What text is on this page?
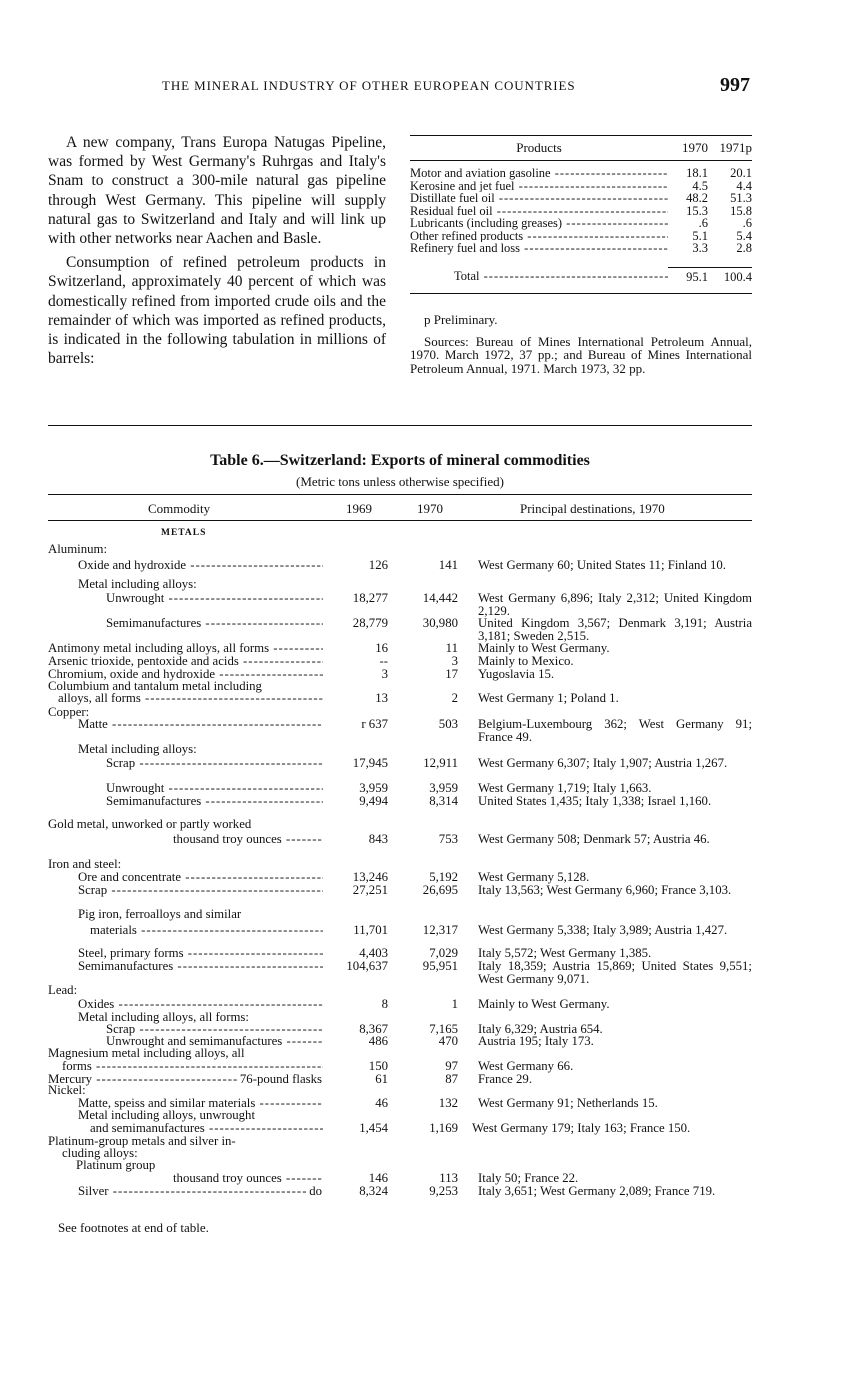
THE MINERAL INDUSTRY OF OTHER EUROPEAN COUNTRIES	997

A new company, Trans Europa Natugas Pipeline, was formed by West Germany's Ruhrgas and Italy's Snam to construct a 300-mile natural gas pipeline through West Germany. This pipeline will supply natural gas to Switzerland and Italy and will link up with other networks near Aachen and Basle.

Consumption of refined petroleum products in Switzerland, approximately 40 percent of which was domestically refined from imported crude oils and the remainder of which was imported as refined products, is indicated in the following tabulation in millions of barrels:

Products	1970 1971p
Motor and aviation gasoline -----	18.1	20.1
Kerosine and jet fuel -----	4.5	4.4
Distillate fuel oil -----	48.2	51.3
Residual fuel oil -----	15.3	15.8
Lubricants (including greases) -----	.6	.6
Other refined products -----	5.1	5.4
Refinery fuel and loss -----	3.3	2.8
Total -----	95.1	100.4

p Preliminary.

Sources: Bureau of Mines International Petroleum Annual, 1970. March 1972, 37 pp.; and Bureau of Mines International Petroleum Annual, 1971. March 1973, 32 pp.

Table 6.—Switzerland: Exports of mineral commodities
(Metric tons unless otherwise specified)
Commodity	1969	1970	Principal destinations, 1970
METALS
Aluminum:
Oxide and hydroxide -----	126	141 West Germany 60; United States 11; Finland 10.
Metal including alloys:
Unwrought -----	18,277	14,442 West Germany 6,896; Italy 2,312; United Kingdom 2,129.
Semimanufactures -----	28,779	30,980 United Kingdom 3,567; Denmark 3,191; Austria 3,181; Sweden 2,515.
Antimony metal including alloys, all forms -----	16	11 Mainly to West Germany.
Arsenic trioxide, pentoxide and acids -----	--	3 Mainly to Mexico.
Chromium, oxide and hydroxide -----	3	17 Yugoslavia 15.
Columbium and tantalum metal including
alloys, all forms -----	13	2 West Germany 1; Poland 1.
Copper:
Matte -----	r 637	503 Belgium-Luxembourg 362; West Germany 91; France 49.
Metal including alloys:
Scrap -----	17,945	12,911 West Germany 6,307; Italy 1,907; Austria 1,267.
Unwrought -----	3,959	3,959 West Germany 1,719; Italy 1,663.
Semimanufactures -----	9,494	8,314 United States 1,435; Italy 1,338; Israel 1,160.
Gold metal, unworked or partly worked
thousand troy ounces -----	843	753 West Germany 508; Denmark 57; Austria 46.
Iron and steel:
Ore and concentrate -----	13,246	5,192 West Germany 5,128.
Scrap -----	27,251	26,695 Italy 13,563; West Germany 6,960; France 3,103.
Pig iron, ferroalloys and similar
materials -----	11,701	12,317 West Germany 5,338; Italy 3,989; Austria 1,427.
Steel, primary forms -----	4,403	7,029 Italy 5,572; West Germany 1,385.
Semimanufactures -----	104,637	95,951 Italy 18,359; Austria 15,869; United States 9,551; West Germany 9,071.
Lead:
Oxides -----	8	1 Mainly to West Germany.
Metal including alloys, all forms:
Scrap -----	8,367	7,165 Italy 6,329; Austria 654.
Unwrought and semimanufactures -----	486	470 Austria 195; Italy 173.
Magnesium metal including alloys, all
forms -----	150	97 West Germany 66.
Mercury -----	76-pound flasks	61	87 France 29.
Nickel:
Matte, speiss and similar materials -----	46	132 West Germany 91; Netherlands 15.
Metal including alloys, unwrought
and semimanufactures -----	1,454	1,169 West Germany 179; Italy 163; France 150.
Platinum-group metals and silver in-
cluding alloys:
Platinum group
thousand troy ounces -----	146	113 Italy 50; France 22.
Silver -----	do	8,324	9,253 Italy 3,651; West Germany 2,089; France 719.
See footnotes at end of table.
